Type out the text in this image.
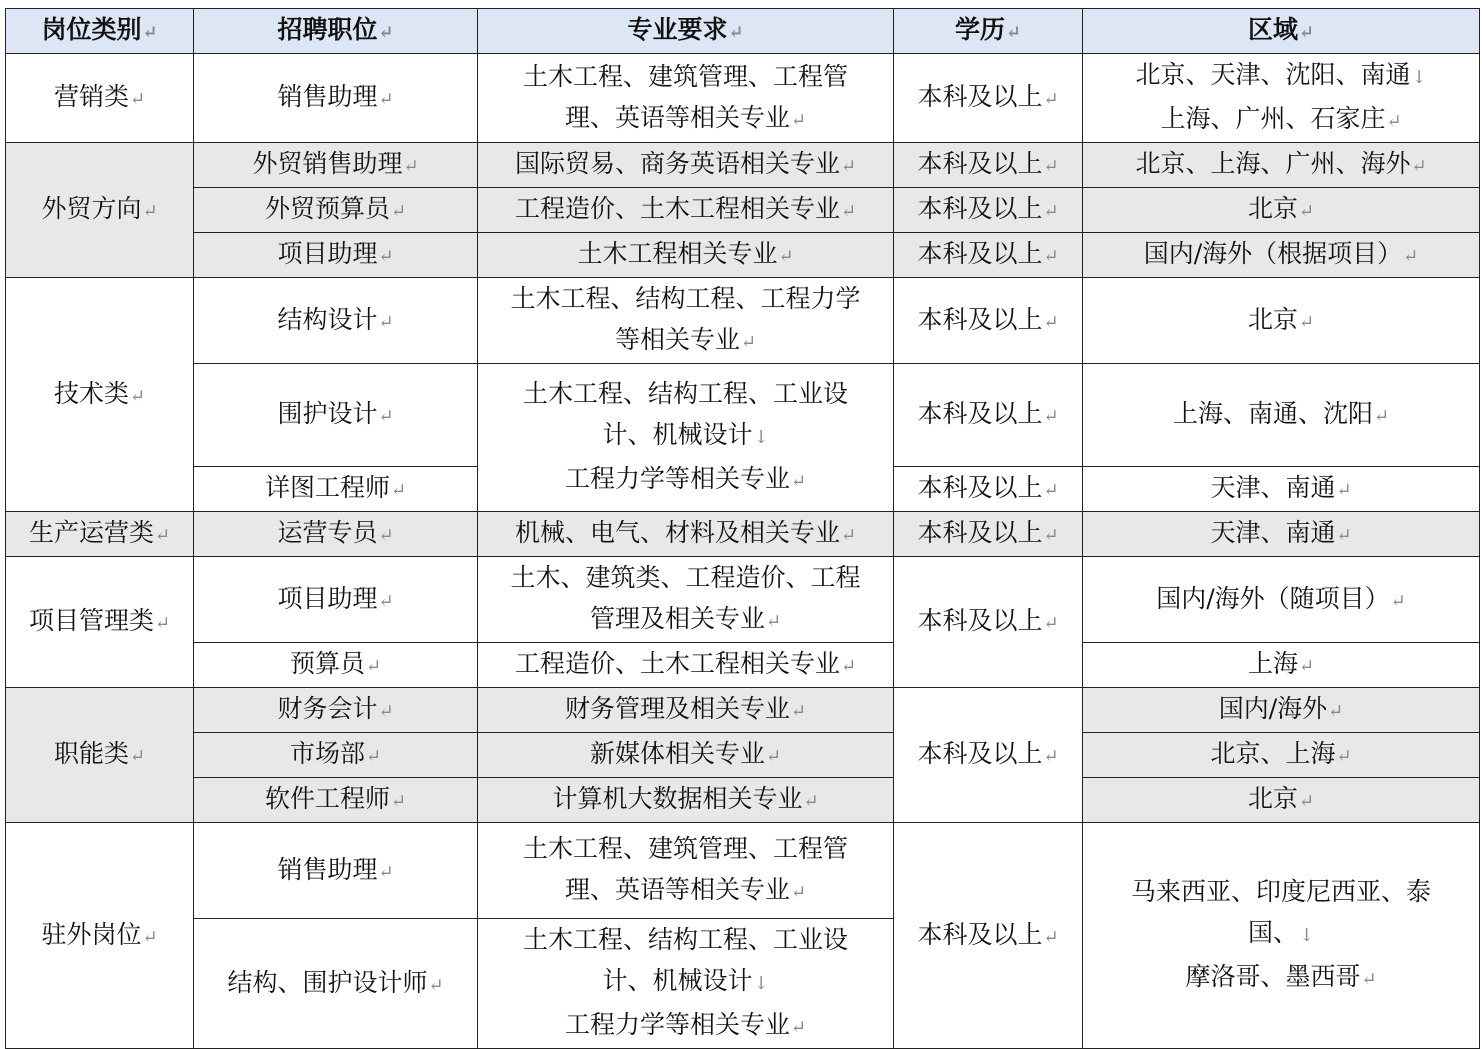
岗位类别↵	招聘职位↵	专业要求↵	学历↵	区域↵
营销类↵	销售助理↵	土木工程、建筑管理、工程管
理、英语等相关专业↵	本科及以上↵	北京、天津、沈阳、南通↓
上海、广州、石家庄↵

外贸方向↵	外贸销售助理↵	国际贸易、商务英语相关专业↵	本科及以上↵	北京、上海、广州、海外↵
	外贸预算员↵	工程造价、土木工程相关专业↵	本科及以上↵	北京↵
	项目助理↵	土木工程相关专业↵	本科及以上↵	国内/海外（根据项目）↵
技术类↵	结构设计↵	土木工程、结构工程、工程力学
等相关专业↵	本科及以上↵	北京↵
	围护设计↵	土木工程、结构工程、工业设
计、机械设计↓
工程力学等相关专业↵	本科及以上↵	上海、南通、沈阳↵
	详图工程师↵		本科及以上↵	天津、南通↵
生产运营类↵	运营专员↵	机械、电气、材料及相关专业↵	本科及以上↵	天津、南通↵
项目管理类↵	项目助理↵	土木、建筑类、工程造价、工程
管理及相关专业↵	本科及以上↵	国内/海外（随项目）↵
	预算员↵	工程造价、土木工程相关专业↵		上海↵
职能类↵	财务会计↵	财务管理及相关专业↵	本科及以上↵	国内/海外↵
	市场部↵	新媒体相关专业↵		北京、上海↵
	软件工程师↵	计算机大数据相关专业↵		北京↵
驻外岗位↵	销售助理↵	土木工程、建筑管理、工程管
理、英语等相关专业↵	本科及以上↵	马来西亚、印度尼西亚、泰
国、↓
摩洛哥、墨西哥↵

	结构、围护设计师↵	土木工程、结构工程、工业设
计、机械设计↓
工程力学等相关专业↵		
